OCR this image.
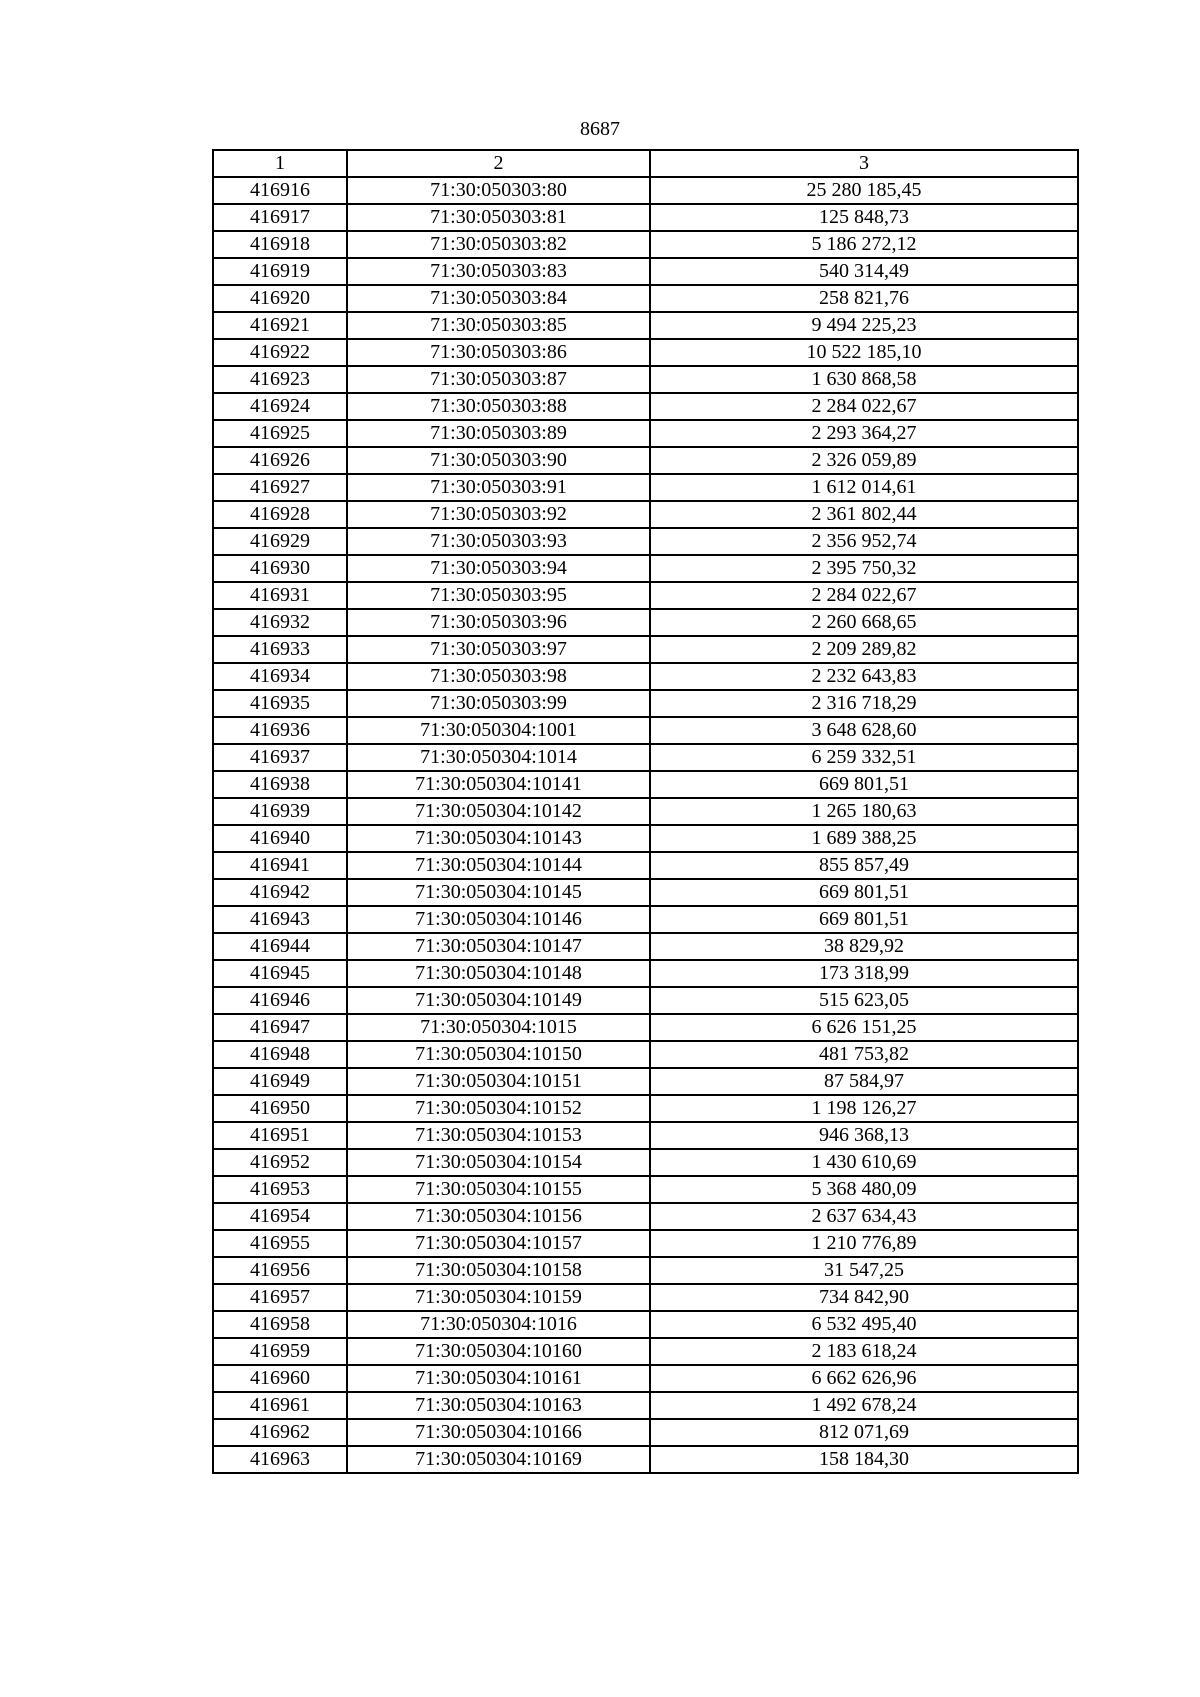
8687
1	2	3
416916	71:30:050303:80	25 280 185,45
416917	71:30:050303:81	125 848,73
416918	71:30:050303:82	5 186 272,12
416919	71:30:050303:83	540 314,49
416920	71:30:050303:84	258 821,76
416921	71:30:050303:85	9 494 225,23
416922	71:30:050303:86	10 522 185,10
416923	71:30:050303:87	1 630 868,58
416924	71:30:050303:88	2 284 022,67
416925	71:30:050303:89	2 293 364,27
416926	71:30:050303:90	2 326 059,89
416927	71:30:050303:91	1 612 014,61
416928	71:30:050303:92	2 361 802,44
416929	71:30:050303:93	2 356 952,74
416930	71:30:050303:94	2 395 750,32
416931	71:30:050303:95	2 284 022,67
416932	71:30:050303:96	2 260 668,65
416933	71:30:050303:97	2 209 289,82
416934	71:30:050303:98	2 232 643,83
416935	71:30:050303:99	2 316 718,29
416936	71:30:050304:1001	3 648 628,60
416937	71:30:050304:1014	6 259 332,51
416938	71:30:050304:10141	669 801,51
416939	71:30:050304:10142	1 265 180,63
416940	71:30:050304:10143	1 689 388,25
416941	71:30:050304:10144	855 857,49
416942	71:30:050304:10145	669 801,51
416943	71:30:050304:10146	669 801,51
416944	71:30:050304:10147	38 829,92
416945	71:30:050304:10148	173 318,99
416946	71:30:050304:10149	515 623,05
416947	71:30:050304:1015	6 626 151,25
416948	71:30:050304:10150	481 753,82
416949	71:30:050304:10151	87 584,97
416950	71:30:050304:10152	1 198 126,27
416951	71:30:050304:10153	946 368,13
416952	71:30:050304:10154	1 430 610,69
416953	71:30:050304:10155	5 368 480,09
416954	71:30:050304:10156	2 637 634,43
416955	71:30:050304:10157	1 210 776,89
416956	71:30:050304:10158	31 547,25
416957	71:30:050304:10159	734 842,90
416958	71:30:050304:1016	6 532 495,40
416959	71:30:050304:10160	2 183 618,24
416960	71:30:050304:10161	6 662 626,96
416961	71:30:050304:10163	1 492 678,24
416962	71:30:050304:10166	812 071,69
416963	71:30:050304:10169	158 184,30
